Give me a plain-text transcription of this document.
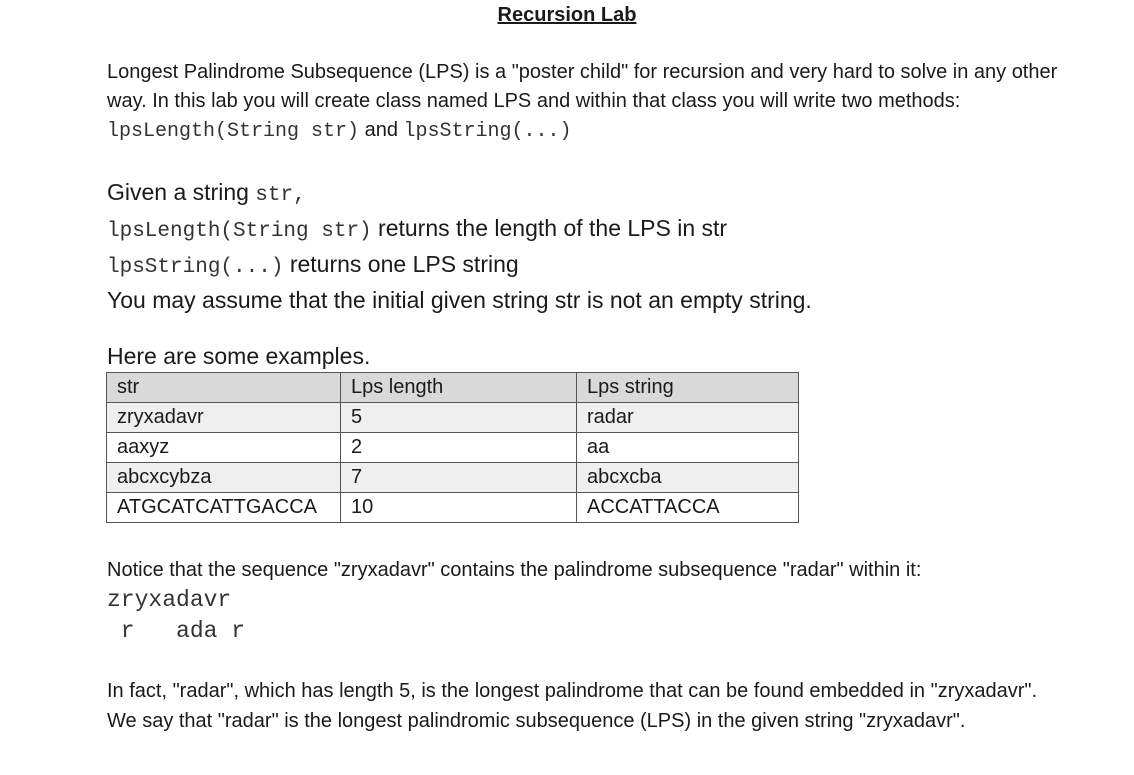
Recursion Lab
Longest Palindrome Subsequence (LPS) is a "poster child" for recursion and very hard to solve in any other way. In this lab you will create class named LPS and within that class you will write two methods: lpsLength(String str) and lpsString(...)
Given a string str,
lpsLength(String str) returns the length of the LPS in str
lpsString(...) returns one LPS string
You may assume that the initial given string str is not an empty string.
Here are some examples.
str	Lps length	Lps string
zryxadavr	5	radar
aaxyz	2	aa
abcxcybza	7	abcxcba
ATGCATCATTGACCA	10	ACCATTACCA
Notice that the sequence "zryxadavr" contains the palindrome subsequence "radar" within it:
zryxadavr
r   ada r
In fact, "radar", which has length 5, is the longest palindrome that can be found embedded in "zryxadavr". We say that "radar" is the longest palindromic subsequence (LPS) in the given string "zryxadavr".
